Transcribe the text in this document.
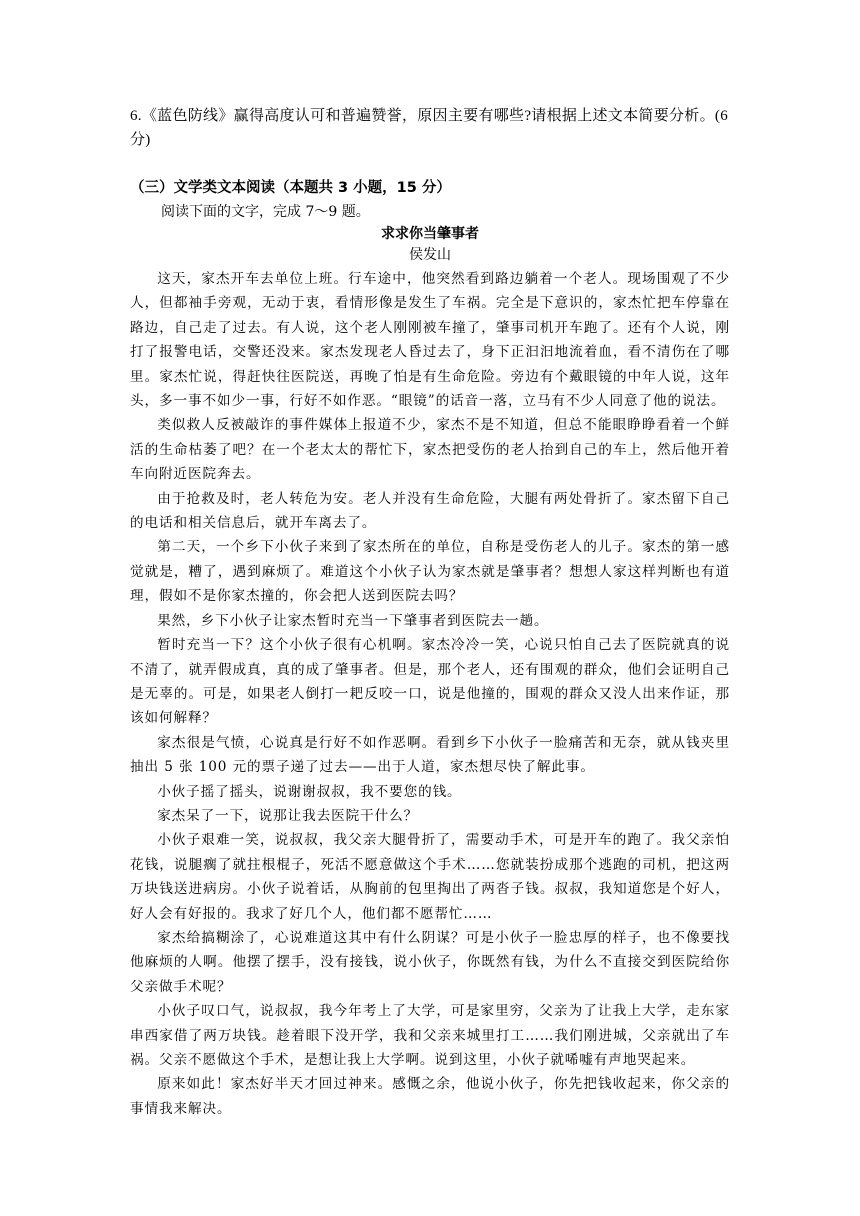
6.《蓝色防线》赢得高度认可和普遍赞誉，原因主要有哪些?请根据上述文本简要分析。(6分)
（三）文学类文本阅读（本题共 3 小题，15 分）
阅读下面的文字，完成 7～9 题。
求求你当肇事者
侯发山

这天，家杰开车去单位上班。行车途中，他突然看到路边躺着一个老人。现场围观了不少人，但都袖手旁观，无动于衷，看情形像是发生了车祸。完全是下意识的，家杰忙把车停靠在路边，自己走了过去。有人说，这个老人刚刚被车撞了，肇事司机开车跑了。还有个人说，刚打了报警电话，交警还没来。家杰发现老人昏过去了，身下正汩汩地流着血，看不清伤在了哪里。家杰忙说，得赶快往医院送，再晚了怕是有生命危险。旁边有个戴眼镜的中年人说，这年头，多一事不如少一事，行好不如作恶。“眼镜”的话音一落，立马有不少人同意了他的说法。

类似救人反被敲诈的事件媒体上报道不少，家杰不是不知道，但总不能眼睁睁看着一个鲜活的生命枯萎了吧？在一个老太太的帮忙下，家杰把受伤的老人抬到自己的车上，然后他开着车向附近医院奔去。

由于抢救及时，老人转危为安。老人并没有生命危险，大腿有两处骨折了。家杰留下自己的电话和相关信息后，就开车离去了。

第二天，一个乡下小伙子来到了家杰所在的单位，自称是受伤老人的儿子。家杰的第一感觉就是，糟了，遇到麻烦了。难道这个小伙子认为家杰就是肇事者？想想人家这样判断也有道理，假如不是你家杰撞的，你会把人送到医院去吗？

果然，乡下小伙子让家杰暂时充当一下肇事者到医院去一趟。

暂时充当一下？这个小伙子很有心机啊。家杰冷冷一笑，心说只怕自己去了医院就真的说不清了，就弄假成真，真的成了肇事者。但是，那个老人，还有围观的群众，他们会证明自己是无辜的。可是，如果老人倒打一耙反咬一口，说是他撞的，围观的群众又没人出来作证，那该如何解释？

家杰很是气愤，心说真是行好不如作恶啊。看到乡下小伙子一脸痛苦和无奈，就从钱夹里抽出 5 张 100 元的票子递了过去——出于人道，家杰想尽快了解此事。

小伙子摇了摇头，说谢谢叔叔，我不要您的钱。

家杰呆了一下，说那让我去医院干什么？

小伙子艰难一笑，说叔叔，我父亲大腿骨折了，需要动手术，可是开车的跑了。我父亲怕花钱，说腿瘸了就拄根棍子，死活不愿意做这个手术……您就装扮成那个逃跑的司机，把这两万块钱送进病房。小伙子说着话，从胸前的包里掏出了两沓子钱。叔叔，我知道您是个好人，好人会有好报的。我求了好几个人，他们都不愿帮忙……

家杰给搞糊涂了，心说难道这其中有什么阴谋？可是小伙子一脸忠厚的样子，也不像要找他麻烦的人啊。他摆了摆手，没有接钱，说小伙子，你既然有钱，为什么不直接交到医院给你父亲做手术呢？

小伙子叹口气，说叔叔，我今年考上了大学，可是家里穷，父亲为了让我上大学，走东家串西家借了两万块钱。趁着眼下没开学，我和父亲来城里打工……我们刚进城，父亲就出了车祸。父亲不愿做这个手术，是想让我上大学啊。说到这里，小伙子就唏嘘有声地哭起来。

原来如此！家杰好半天才回过神来。感慨之余，他说小伙子，你先把钱收起来，你父亲的事情我来解决。
